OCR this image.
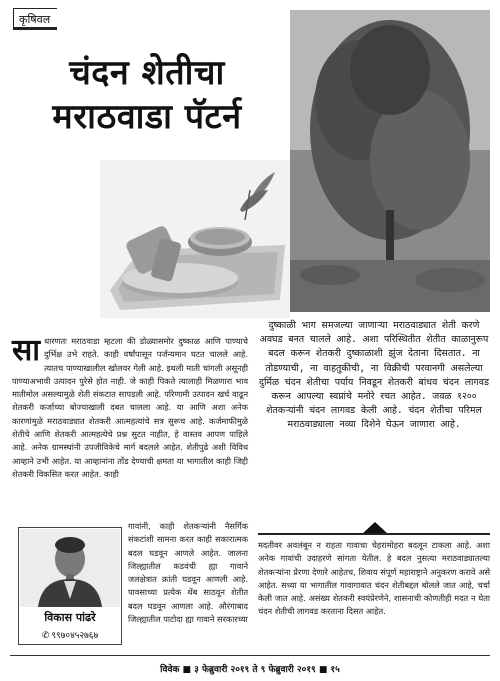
कृषिवल
चंदन शेतीचा
मराठवाडा पॅटर्न
सा धारणतः मराठवाडा म्हटला की डोळ्यासमोर दुष्काळ आणि पाण्याचे दुर्भिक्ष उभे राहते. काही वर्षांपासून पर्जन्यमान घटत चालले आहे. त्यातच पाण्याखालील खोलवर गेली आहे. इथली माती चांगली असूनही पाण्याअभावी उत्पादन पुरेसे होत नाही. जे काही पिकते त्यालाही मिळणारा भाव मातीमोल असल्यामुळे शेती संकटात सापडली आहे. परिणामी उत्पादन खर्च वाढून शेतकरी कर्जाच्या बोज्याखाली दबत चालला आहे. या आणि अशा अनेक कारणांमुळे मराठवाड्यात शेतकरी आत्महत्यांचे सत्र सुरूच आहे. कर्जमाफीमुळे शेतीचे आणि शेतकरी आत्महत्येचे प्रश्न सुटत नाहीत, हे वास्तव आपण पाहिले आहे. अनेक ग्रामस्थांनी उपजीविकेचे मार्ग बदलले आहेत. शेतीपुढे अशी विविध आव्हाने उभी आहेत. या आव्हानांना तोंड देण्याची क्षमता या भागातील काही जिद्दी शेतकरी विकसित करत आहेत. काही
गावांनी, काही शेतकऱ्यांनी नैसर्गिक संकटांशी सामना करत काही सकारात्मक बदल घडवून आणले आहेत. जालना जिल्ह्यातील कडवंची ह्या गावाने जलक्षेत्रात क्रांती घडवून आणली आहे. पावसाच्या प्रत्येक थेंब साठवून शेतीत बदल घडवून आणला आहे. औरंगाबाद जिल्ह्यातील पाटोदा ह्या गावाने सरकारच्या
दुष्काळी भाग समजल्या जाणाऱ्या मराठवाड्यात शेती करणे अवघड बनत चालले आहे. अशा परिस्थितीत शेतीत काळानुरूप बदल करून शेतकरी दुष्काळाशी झुंज देताना दिसतात. ना तोडण्याची, ना वाहतुकीची, ना विक्रीची परवानगी असलेल्या दुर्मिळ चंदन शेतीचा पर्याय निवडून शेतकरी बांधव चंदन लागवड करून आपल्या स्वप्नांचे मनोरे रचत आहेत. जवळ १२०० शेतकऱ्यांनी चंदन लागवड केली आहे. चंदन शेतीचा परिमल मराठवाड्याला नव्या दिशेने घेऊन जाणारा आहे.
मदतीवर अवलंबून न राहता गावाचा चेहरामोहरा बदलून टाकला आहे. अशा अनेक गावांची उदाहरणे सांगता येतील. हे बदल नुसत्या मराठवाड्यातल्या शेतकऱ्यांना प्रेरणा देणारे आहेतच, शिवाय संपूर्ण महाराष्ट्राने अनुकरण करावे असे आहेत. सध्या या भागातील गावागावात चंदन शेतीबद्दल बोलले जात आहे, चर्चा केली जात आहे. असंख्य शेतकरी स्वयंप्रेरणेने, शासनाची कोणतीही मदत न घेता चंदन शेतीची लागवड करताना दिसत आहेत.
विकास पांढरे
✆ ९९७०४५२७६७
विवेक ■ ३ फेब्रुवारी २०१९ ते ९ फेब्रुवारी २०१९ ■ १५
